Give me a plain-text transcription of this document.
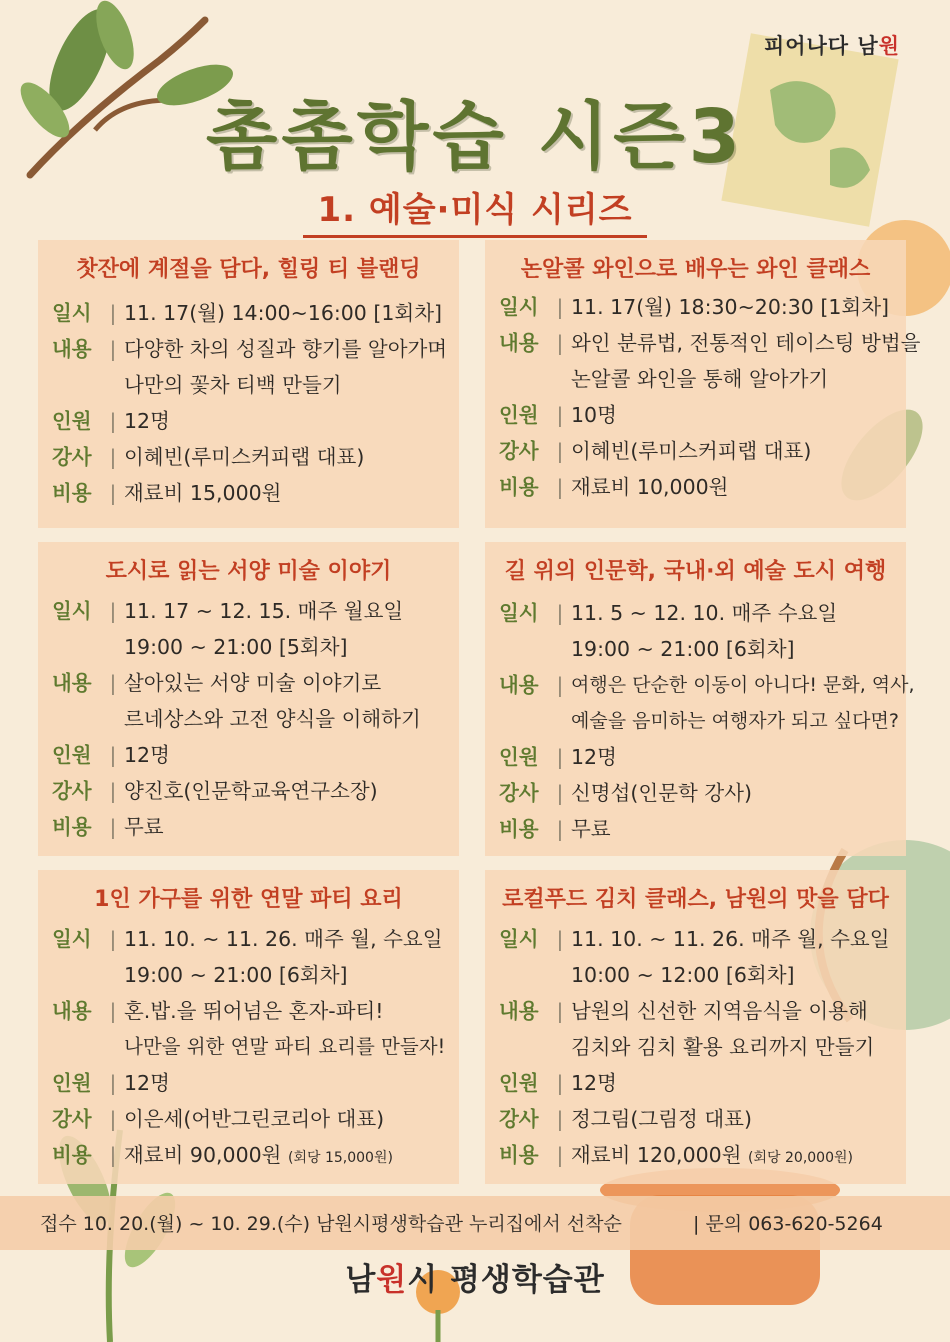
피어나다 남원
촘촘학습 시즌3
1. 예술·미식 시리즈
찻잔에 계절을 담다, 힐링 티 블랜딩
일시 | 11. 17(월) 14:00~16:00 [1회차]
내용 | 다양한 차의 성질과 향기를 알아가며
나만의 꽃차 티백 만들기
인원 | 12명
강사 | 이혜빈(루미스커피랩 대표)
비용 | 재료비 15,000원
논알콜 와인으로 배우는 와인 클래스
일시 | 11. 17(월) 18:30~20:30 [1회차]
내용 | 와인 분류법, 전통적인 테이스팅 방법을
논알콜 와인을 통해 알아가기
인원 | 10명
강사 | 이혜빈(루미스커피랩 대표)
비용 | 재료비 10,000원
도시로 읽는 서양 미술 이야기
일시 | 11. 17 ~ 12. 15. 매주 월요일
19:00 ~ 21:00 [5회차]
내용 | 살아있는 서양 미술 이야기로
르네상스와 고전 양식을 이해하기
인원 | 12명
강사 | 양진호(인문학교육연구소장)
비용 | 무료
길 위의 인문학, 국내·외 예술 도시 여행
일시 | 11. 5 ~ 12. 10. 매주 수요일
19:00 ~ 21:00 [6회차]
내용 | 여행은 단순한 이동이 아니다! 문화, 역사,
예술을 음미하는 여행자가 되고 싶다면?
인원 | 12명
강사 | 신명섭(인문학 강사)
비용 | 무료
1인 가구를 위한 연말 파티 요리
일시 | 11. 10. ~ 11. 26. 매주 월, 수요일
19:00 ~ 21:00 [6회차]
내용 | 혼.밥.을 뛰어넘은 혼자-파티!
나만을 위한 연말 파티 요리를 만들자!
인원 | 12명
강사 | 이은세(어반그린코리아 대표)
비용 | 재료비 90,000원 (회당 15,000원)
로컬푸드 김치 클래스, 남원의 맛을 담다
일시 | 11. 10. ~ 11. 26. 매주 월, 수요일
10:00 ~ 12:00 [6회차]
내용 | 남원의 신선한 지역음식을 이용해
김치와 김치 활용 요리까지 만들기
인원 | 12명
강사 | 정그림(그림정 대표)
비용 | 재료비 120,000원 (회당 20,000원)
접수 10. 20.(월) ~ 10. 29.(수) 남원시평생학습관 누리집에서 선착순	| 문의 063-620-5264
남원시 평생학습관
